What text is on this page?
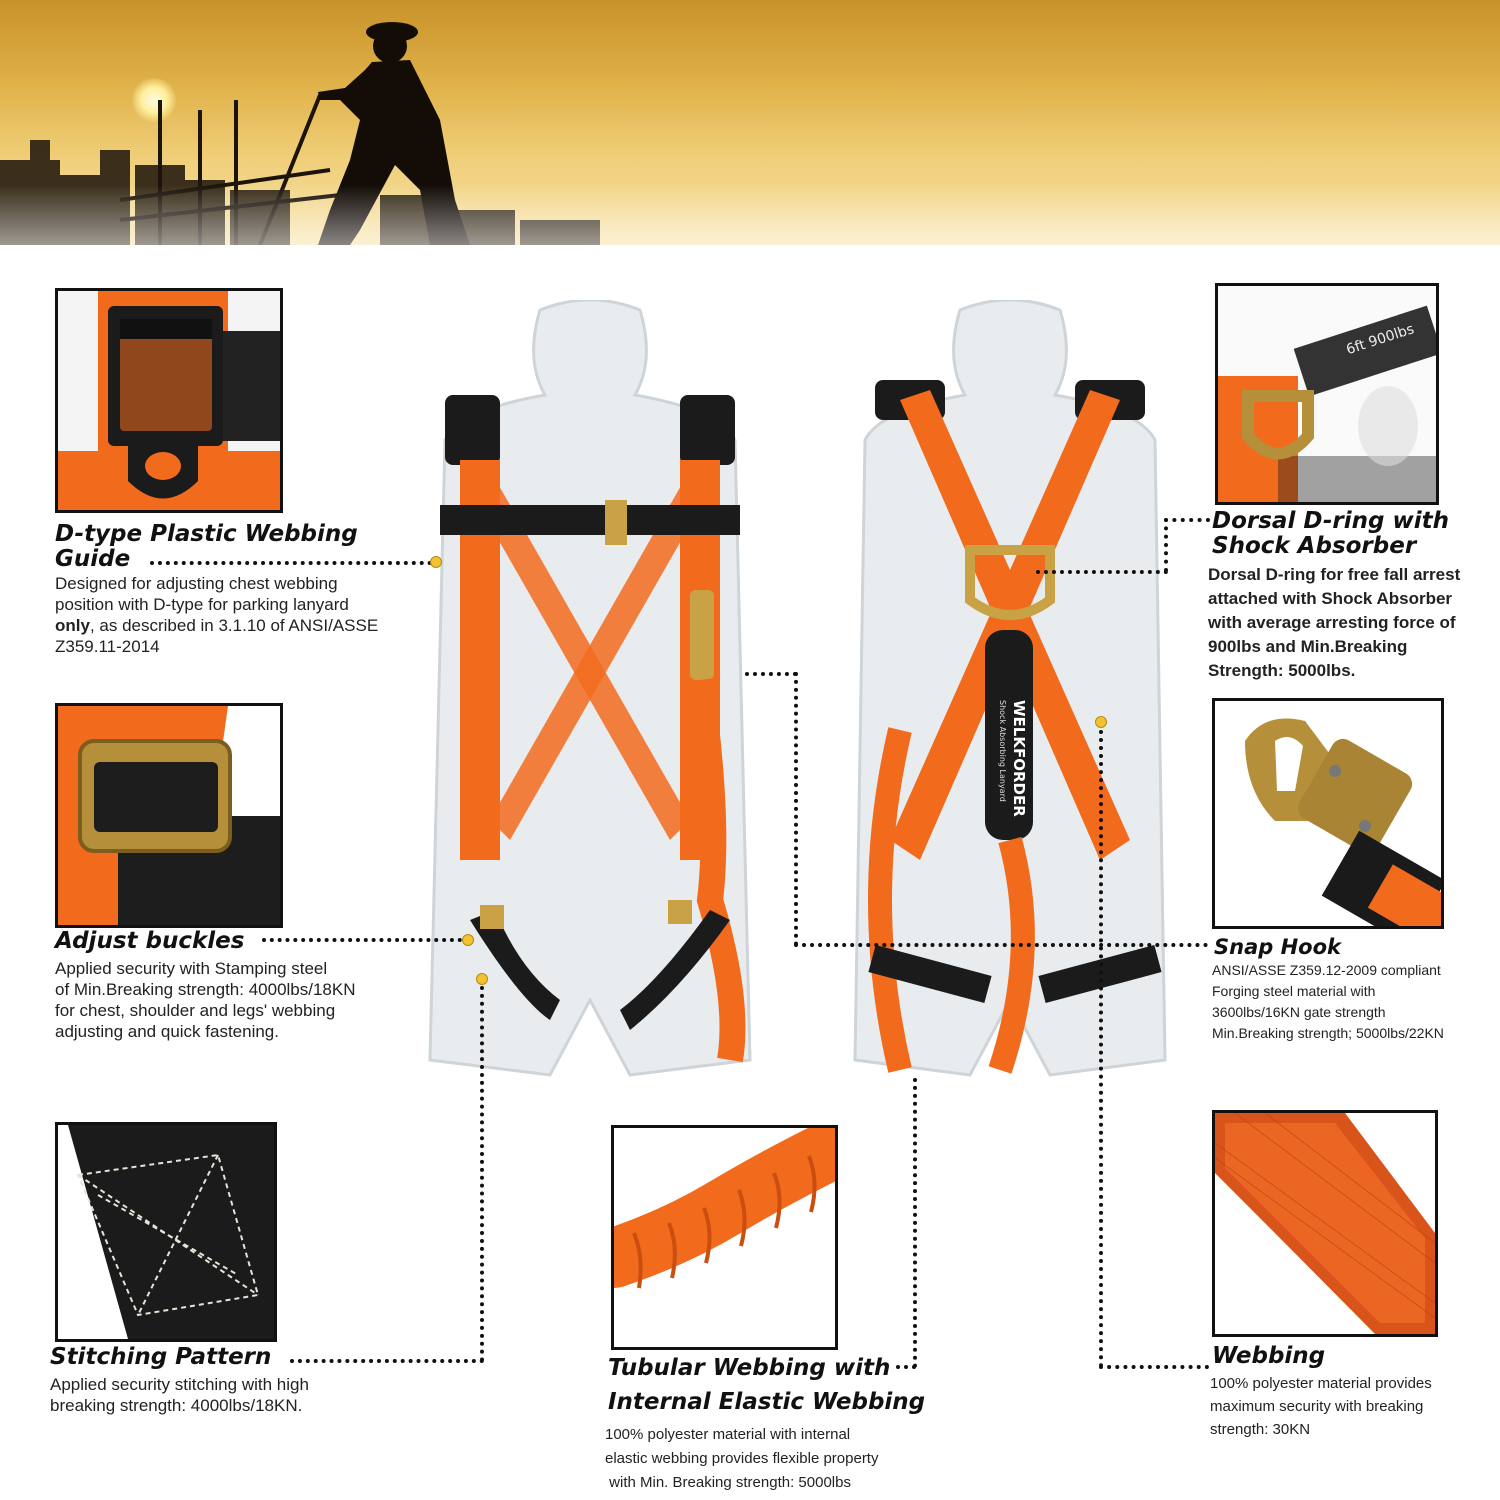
6ft 900lbs
WELKFORDER
Shock Absorbing Lanyard
D-type Plastic Webbing
Guide
Designed for adjusting chest webbing
position with D-type for parking lanyard
only, as described in 3.1.10 of ANSI/ASSE
Z359.11-2014
Dorsal D-ring with
Shock Absorber
Dorsal D-ring for free fall arrest
attached with Shock Absorber
with average arresting force of
900lbs and Min.Breaking
Strength: 5000lbs.
Adjust buckles
Applied security with Stamping steel
of Min.Breaking strength: 4000lbs/18KN
for chest, shoulder and legs' webbing
adjusting and quick fastening.
Snap Hook
ANSI/ASSE Z359.12-2009 compliant
Forging steel material with
3600lbs/16KN gate strength
Min.Breaking strength; 5000lbs/22KN
Stitching Pattern
Applied security stitching with high
breaking strength: 4000lbs/18KN.
Tubular Webbing with
Internal Elastic Webbing
100% polyester material with internal
elastic webbing provides flexible property
with Min. Breaking strength: 5000lbs
Webbing
100% polyester material provides
maximum security with breaking
strength: 30KN
